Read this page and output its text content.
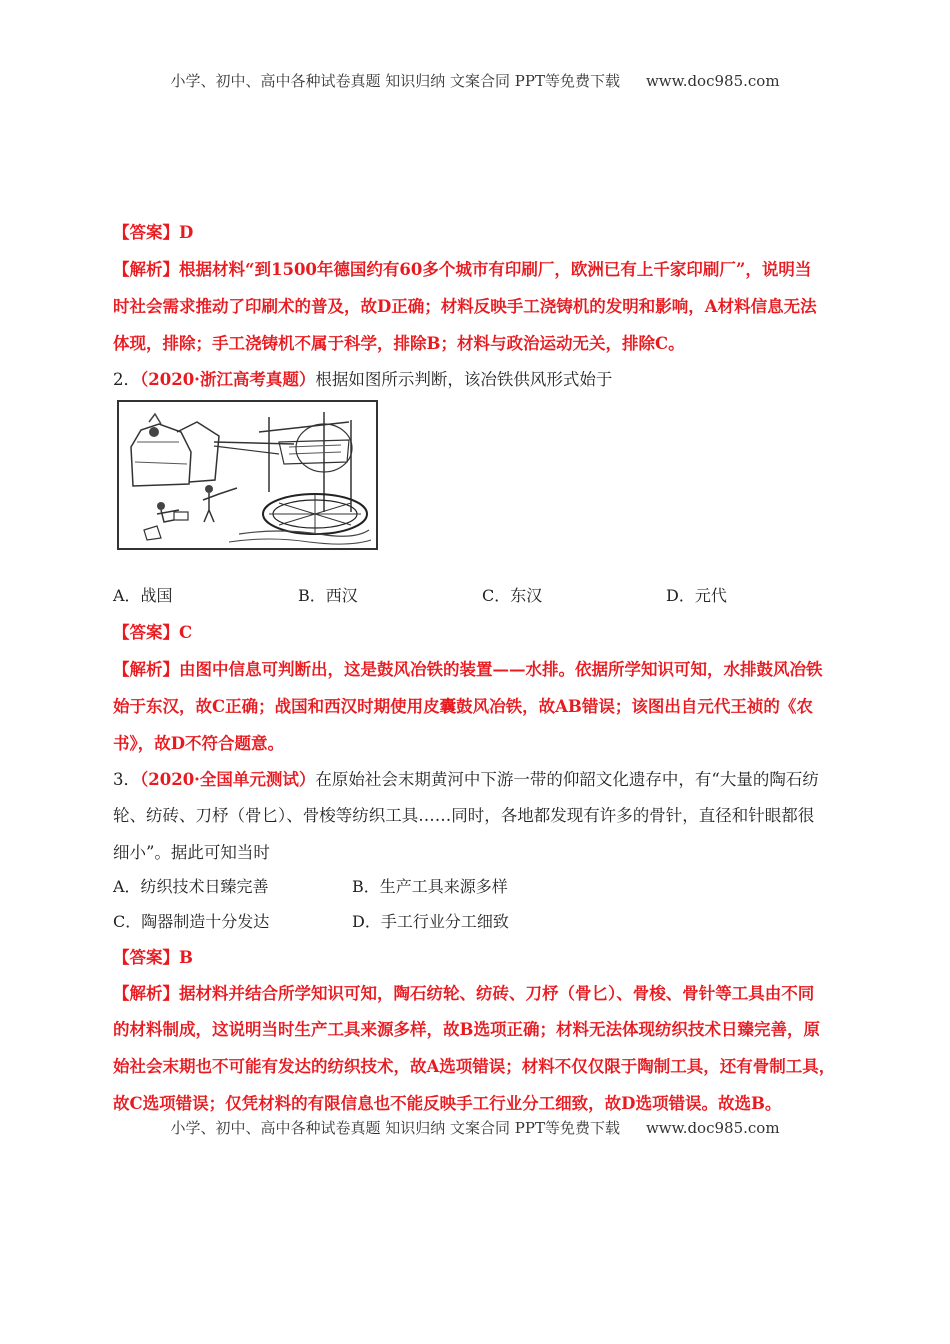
小学、初中、高中各种试卷真题 知识归纳 文案合同 PPT等免费下载 www.doc985.com
【答案】D
【解析】根据材料“到1500年德国约有60多个城市有印刷厂，欧洲已有上千家印刷厂”，说明当
时社会需求推动了印刷术的普及，故D正确；材料反映手工浇铸机的发明和影响，A材料信息无法
体现，排除；手工浇铸机不属于科学，排除B；材料与政治运动无关，排除C。
2．（2020·浙江高考真题）根据如图所示判断，该冶铁供风形式始于
A．战国	B．西汉	C．东汉	D．元代
【答案】C
【解析】由图中信息可判断出，这是鼓风冶铁的装置——水排。依据所学知识可知，水排鼓风冶铁
始于东汉，故C正确；战国和西汉时期使用皮囊鼓风冶铁，故AB错误；该图出自元代王祯的《农
书》，故D不符合题意。
3．（2020·全国单元测试）在原始社会末期黄河中下游一带的仰韶文化遗存中，有“大量的陶石纺
轮、纺砖、刀杼（骨匕）、骨梭等纺织工具……同时，各地都发现有许多的骨针，直径和针眼都很
细小”。据此可知当时
A．纺织技术日臻完善	B．生产工具来源多样
C．陶器制造十分发达	D．手工行业分工细致
【答案】B
【解析】据材料并结合所学知识可知，陶石纺轮、纺砖、刀杼（骨匕）、骨梭、骨针等工具由不同
的材料制成，这说明当时生产工具来源多样，故B选项正确；材料无法体现纺织技术日臻完善，原
始社会末期也不可能有发达的纺织技术，故A选项错误；材料不仅仅限于陶制工具，还有骨制工具，
故C选项错误；仅凭材料的有限信息也不能反映手工行业分工细致，故D选项错误。故选B。
小学、初中、高中各种试卷真题 知识归纳 文案合同 PPT等免费下载 www.doc985.com
